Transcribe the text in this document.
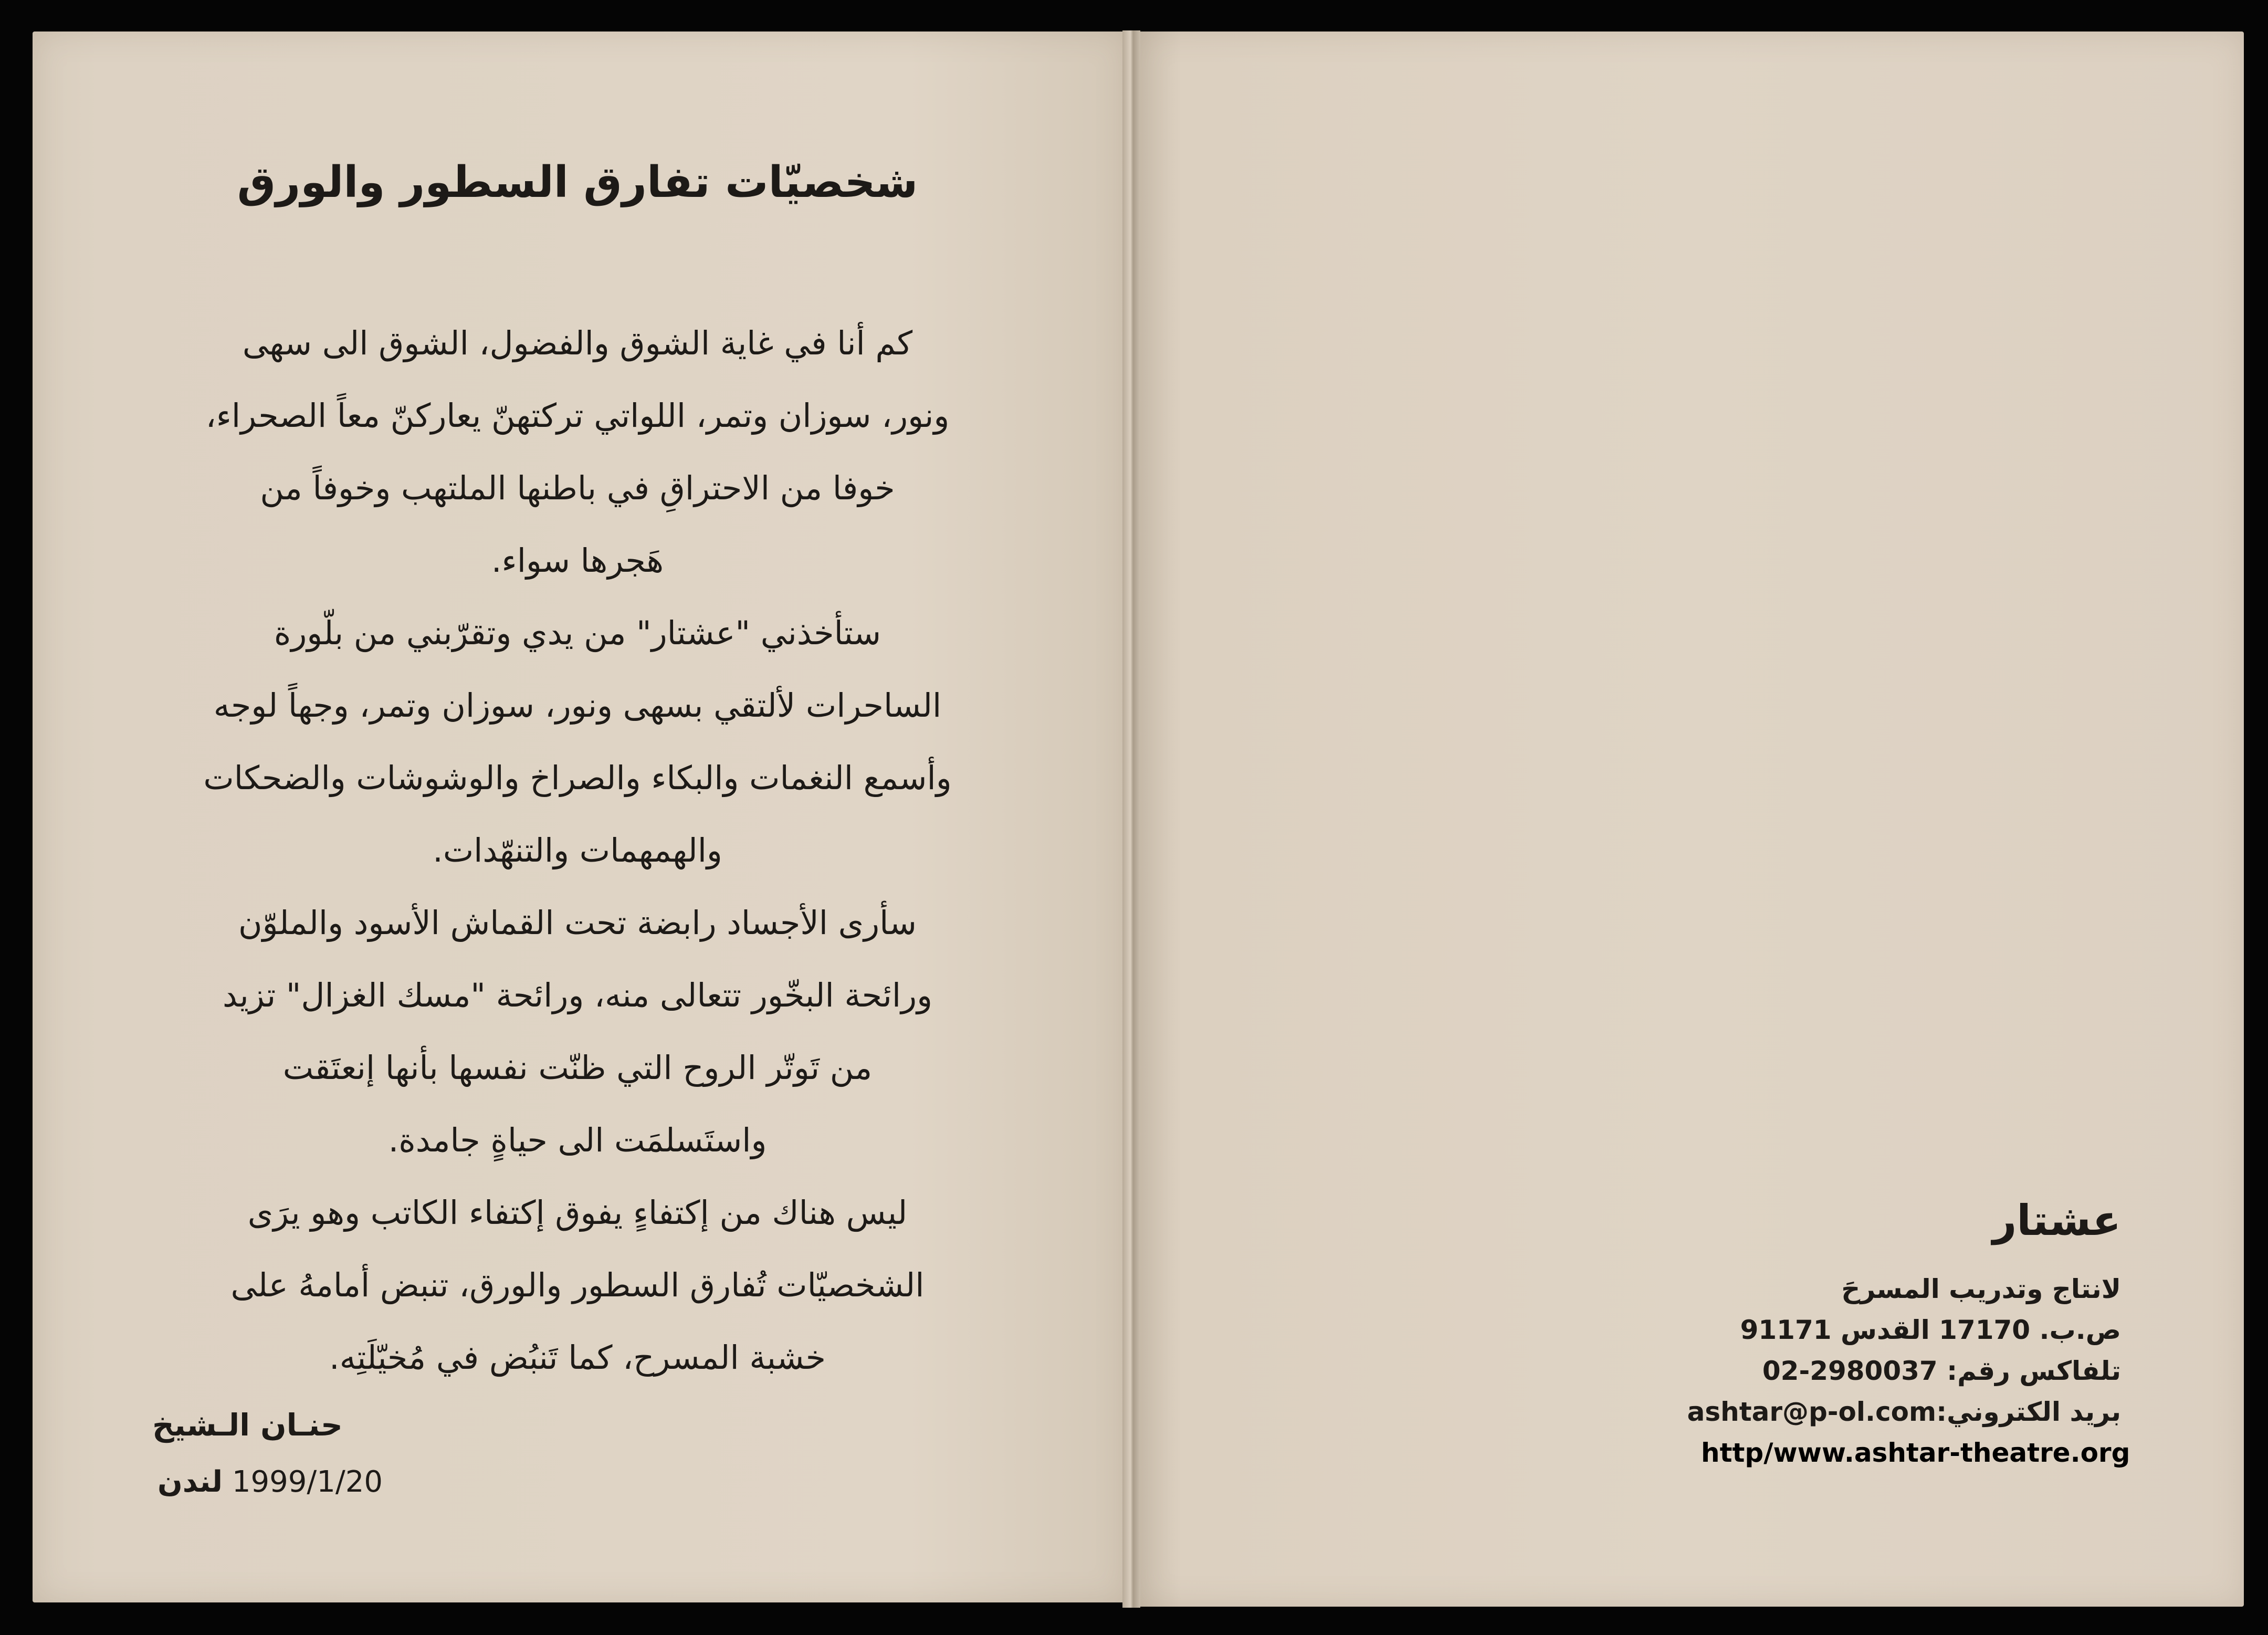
شخصيّات تفارق السطور والورق
كم أنا في غاية الشوق والفضول، الشوق الى سهى
ونور، سوزان وتمر، اللواتي تركتهنّ يعاركنّ معاً الصحراء،
خوفا من الاحتراقِ في باطنها الملتهب وخوفاً من
هَجرها سواء.
ستأخذني "عشتار" من يدي وتقرّبني من بلّورة
الساحرات لألتقي بسهى ونور، سوزان وتمر، وجهاً لوجه
وأسمع النغمات والبكاء والصراخ والوشوشات والضحكات
والهمهمات والتنهّدات.
سأرى الأجساد رابضة تحت القماش الأسود والملوّن
ورائحة البخّور تتعالى منه، ورائحة "مسك الغزال" تزيد
من تَوتّر الروح التي ظنّت نفسها بأنها إنعتَقت
واستَسلمَت الى حياةٍ جامدة.
ليس هناك من إكتفاءٍ يفوق إكتفاء الكاتب وهو يرَى
الشخصيّات تُفارق السطور والورق، تنبض أمامهُ على
خشبة المسرح، كما تَنبُض في مُخيّلَتِه.
حنـان الـشيخ
1999/1/20 لندن
عشتار
لانتاج وتدريب المسرحَ
ص.ب. 17170 القدس 91171
تلفاكس رقم: 02-2980037
بريد الكتروني:ashtar@p-ol.com
http/www.ashtar-theatre.org
